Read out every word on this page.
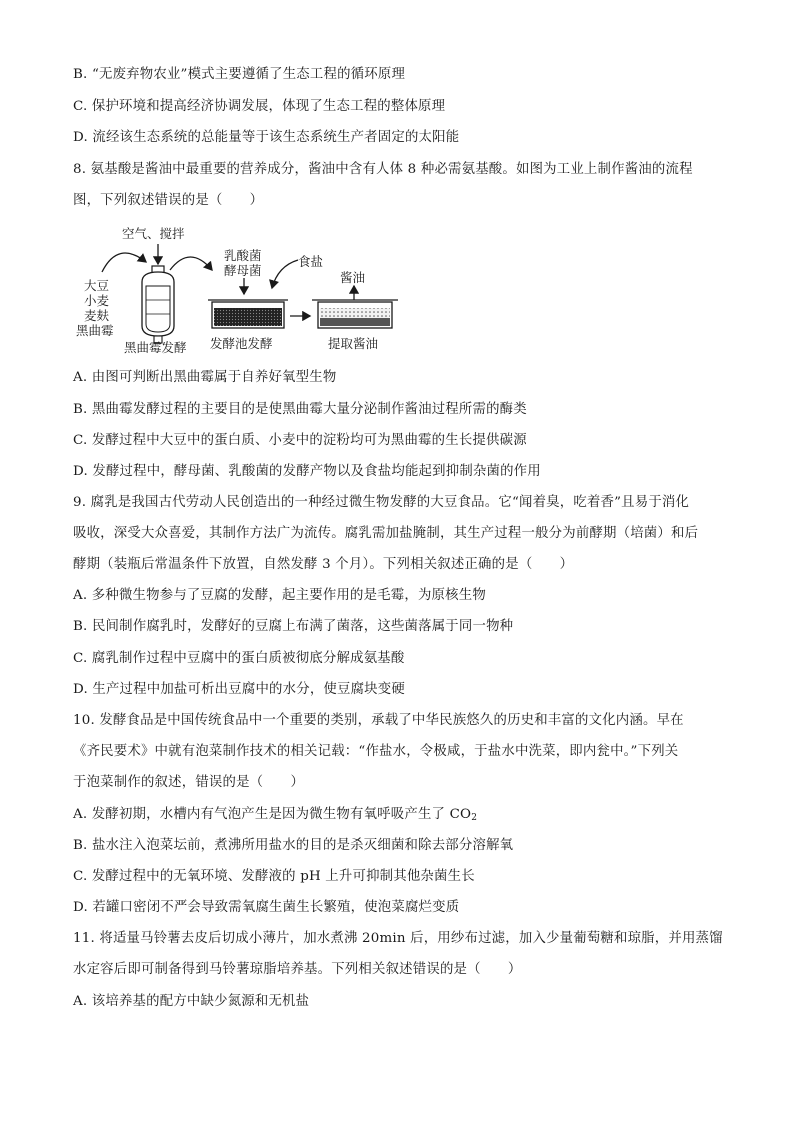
B. “无废弃物农业”模式主要遵循了生态工程的循环原理
C. 保护环境和提高经济协调发展，体现了生态工程的整体原理
D. 流经该生态系统的总能量等于该生态系统生产者固定的太阳能
8. 氨基酸是酱油中最重要的营养成分，酱油中含有人体 8 种必需氨基酸。如图为工业上制作酱油的流程
图，下列叙述错误的是（　　）
空气、搅拌
大豆
小麦
麦麸
黑曲霉
黑曲霉发酵
乳酸菌
酵母菌
食盐
发酵池发酵
酱油
提取酱油
A. 由图可判断出黑曲霉属于自养好氧型生物
B. 黑曲霉发酵过程的主要目的是使黑曲霉大量分泌制作酱油过程所需的酶类
C. 发酵过程中大豆中的蛋白质、小麦中的淀粉均可为黑曲霉的生长提供碳源
D. 发酵过程中，酵母菌、乳酸菌的发酵产物以及食盐均能起到抑制杂菌的作用
9. 腐乳是我国古代劳动人民创造出的一种经过微生物发酵的大豆食品。它“闻着臭，吃着香”且易于消化
吸收，深受大众喜爱，其制作方法广为流传。腐乳需加盐腌制，其生产过程一般分为前酵期（培菌）和后
酵期（装瓶后常温条件下放置，自然发酵 3 个月）。下列相关叙述正确的是（　　）
A. 多种微生物参与了豆腐的发酵，起主要作用的是毛霉，为原核生物
B. 民间制作腐乳时，发酵好的豆腐上布满了菌落，这些菌落属于同一物种
C. 腐乳制作过程中豆腐中的蛋白质被彻底分解成氨基酸
D. 生产过程中加盐可析出豆腐中的水分，使豆腐块变硬
10. 发酵食品是中国传统食品中一个重要的类别，承载了中华民族悠久的历史和丰富的文化内涵。早在
《齐民要术》中就有泡菜制作技术的相关记载：“作盐水，令极咸，于盐水中洗菜，即内瓮中。”下列关
于泡菜制作的叙述，错误的是（　　）
A. 发酵初期，水槽内有气泡产生是因为微生物有氧呼吸产生了 $CO_2$
B. 盐水注入泡菜坛前，煮沸所用盐水的目的是杀灭细菌和除去部分溶解氧
C. 发酵过程中的无氧环境、发酵液的 pH 上升可抑制其他杂菌生长
D. 若罐口密闭不严会导致需氧腐生菌生长繁殖，使泡菜腐烂变质
11. 将适量马铃薯去皮后切成小薄片，加水煮沸 20min 后，用纱布过滤，加入少量葡萄糖和琼脂，并用蒸馏
水定容后即可制备得到马铃薯琼脂培养基。下列相关叙述错误的是（　　）
A. 该培养基的配方中缺少氮源和无机盐
